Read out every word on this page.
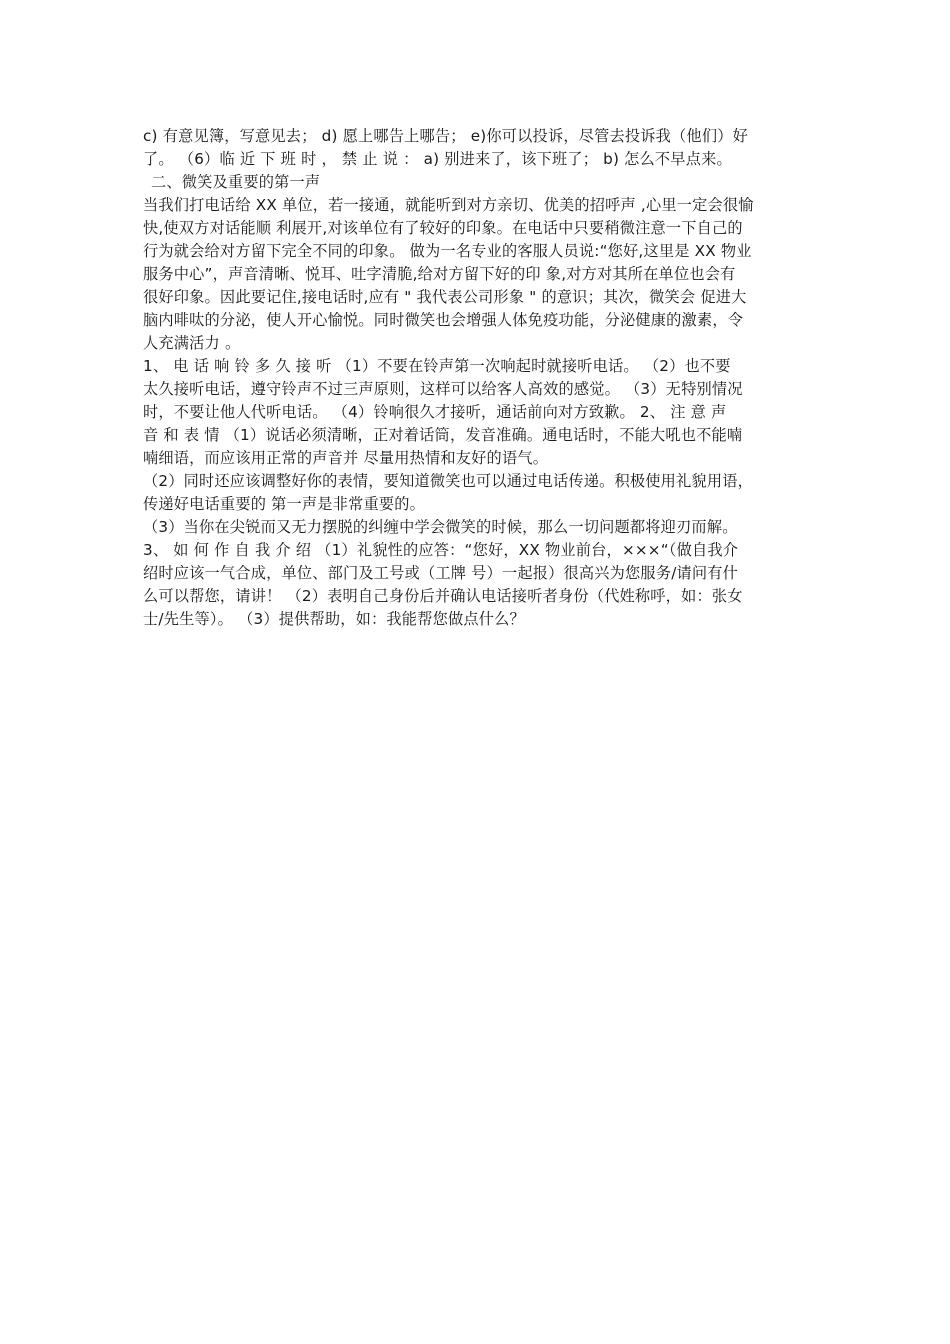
c) 有意见簿，写意见去； d) 愿上哪告上哪告； e)你可以投诉，尽管去投诉我（他们）好
了。 （6）临 近 下 班 时 ， 禁 止 说 ： a) 别进来了，该下班了； b) 怎么不早点来。
二、微笑及重要的第一声
当我们打电话给 XX 单位，若一接通，就能听到对方亲切、优美的招呼声 ,心里一定会很愉
快,使双方对话能顺 利展开,对该单位有了较好的印象。在电话中只要稍微注意一下自己的
行为就会给对方留下完全不同的印象。 做为一名专业的客服人员说:“您好,这里是 XX 物业
服务中心”，声音清晰、悦耳、吐字清脆,给对方留下好的印 象,对方对其所在单位也会有
很好印象。因此要记住,接电话时,应有 " 我代表公司形象 " 的意识；其次，微笑会 促进大
脑内啡呔的分泌，使人开心愉悦。同时微笑也会增强人体免疫功能，分泌健康的激素，令
人充满活力 。
1、 电 话 响 铃 多 久 接 听 （1）不要在铃声第一次响起时就接听电话。 （2）也不要
太久接听电话，遵守铃声不过三声原则，这样可以给客人高效的感觉。 （3）无特别情况
时，不要让他人代听电话。 （4）铃响很久才接听，通话前向对方致歉。 2、 注 意 声
音 和 表 情 （1）说话必须清晰，正对着话筒，发音准确。通电话时，不能大吼也不能喃
喃细语，而应该用正常的声音并 尽量用热情和友好的语气。
（2）同时还应该调整好你的表情，要知道微笑也可以通过电话传递。积极使用礼貌用语，
传递好电话重要的 第一声是非常重要的。
（3）当你在尖锐而又无力摆脱的纠缠中学会微笑的时候，那么一切问题都将迎刃而解。
3、 如 何 作 自 我 介 绍 （1）礼貌性的应答：“您好，XX 物业前台，×××“（做自我介
绍时应该一气合成，单位、部门及工号或（工牌 号）一起报）很高兴为您服务/请问有什
么可以帮您，请讲！ （2）表明自己身份后并确认电话接听者身份（代姓称呼，如：张女
士/先生等）。 （3）提供帮助，如：我能帮您做点什么？
